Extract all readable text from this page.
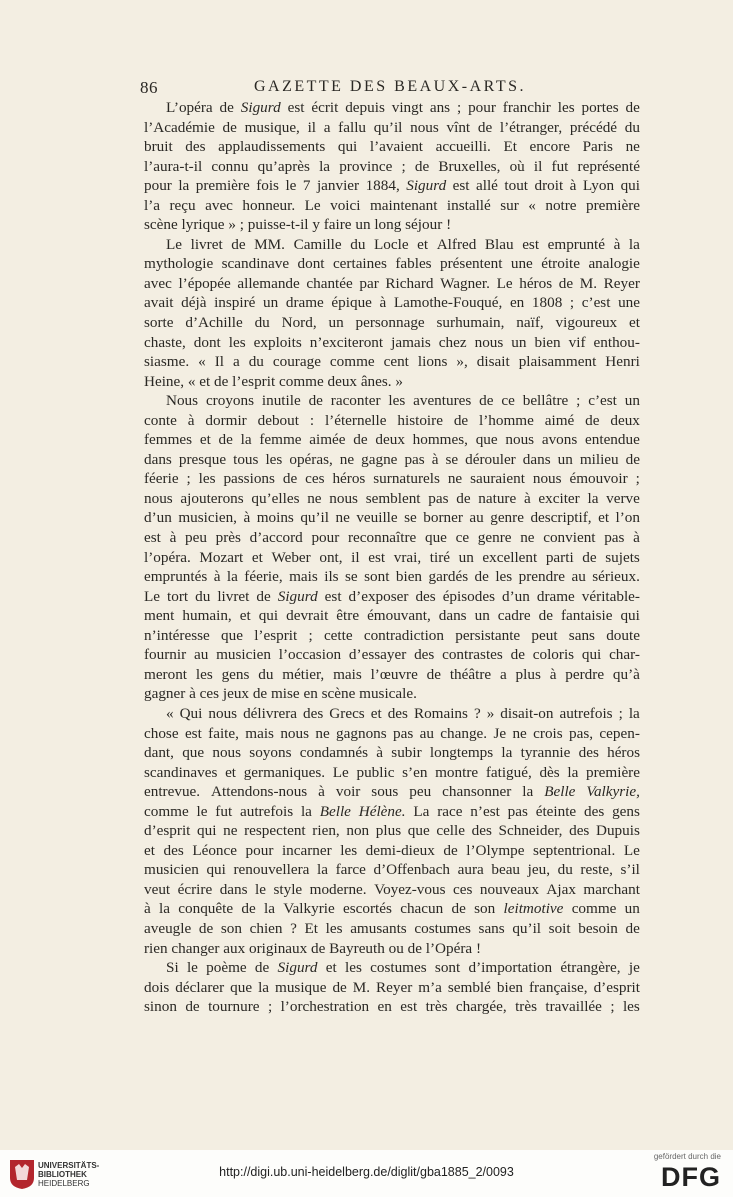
86	GAZETTE DES BEAUX-ARTS.
L’opéra de Sigurd est écrit depuis vingt ans ; pour franchir les portes de
l’Académie de musique, il a fallu qu’il nous vînt de l’étranger, précédé du
bruit des applaudissements qui l’avaient accueilli. Et encore Paris ne
l’aura-t-il connu qu’après la province ; de Bruxelles, où il fut représenté
pour la première fois le 7 janvier 1884, Sigurd est allé tout droit à Lyon qui
l’a reçu avec honneur. Le voici maintenant installé sur « notre première
scène
lyrique
»
;
puisse-t-il
y
faire
un
long
séjour
!

Le livret de MM. Camille du Locle et Alfred Blau est emprunté à la
mythologie scandinave dont certaines fables présentent une étroite analogie
avec l’épopée allemande chantée par Richard Wagner. Le héros de M. Reyer
avait déjà inspiré un drame épique à Lamothe-Fouqué, en 1808 ; c’est une
sorte d’Achille du Nord, un personnage surhumain, naïf, vigoureux et
chaste, dont les exploits n’exciteront jamais chez nous un bien vif enthou-
siasme. « Il a du courage comme cent lions », disait plaisamment Henri
Heine,
«
et
de
l’esprit
comme
deux
ânes.
»

Nous croyons inutile de raconter les aventures de ce bellâtre ; c’est un
conte à dormir debout : l’éternelle histoire de l’homme aimé de deux
femmes et de la femme aimée de deux hommes, que nous avons entendue
dans presque tous les opéras, ne gagne pas à se dérouler dans un milieu de
féerie ; les passions de ces héros surnaturels ne sauraient nous émouvoir ;
nous ajouterons qu’elles ne nous semblent pas de nature à exciter la verve
d’un musicien, à moins qu’il ne veuille se borner au genre descriptif, et l’on
est à peu près d’accord pour reconnaître que ce genre ne convient pas à
l’opéra. Mozart et Weber ont, il est vrai, tiré un excellent parti de sujets
empruntés à la féerie, mais ils se sont bien gardés de les prendre au sérieux.
Le tort du livret de Sigurd est d’exposer des épisodes d’un drame véritable-
ment humain, et qui devrait être émouvant, dans un cadre de fantaisie qui
n’intéresse que l’esprit ; cette contradiction persistante peut sans doute
fournir au musicien l’occasion d’essayer des contrastes de coloris qui char-
meront les gens du métier, mais l’œuvre de théâtre a plus à perdre qu’à
gagner
à
ces
jeux
de
mise
en
scène
musicale.

« Qui nous délivrera des Grecs et des Romains ? » disait-on autrefois ; la
chose est faite, mais nous ne gagnons pas au change. Je ne crois pas, cepen-
dant, que nous soyons condamnés à subir longtemps la tyrannie des héros
scandinaves et germaniques. Le public s’en montre fatigué, dès la première
entrevue. Attendons-nous à voir sous peu chansonner la Belle Valkyrie,
comme le fut autrefois la Belle Hélène. La race n’est pas éteinte des gens
d’esprit qui ne respectent rien, non plus que celle des Schneider, des Dupuis
et des Léonce pour incarner les demi-dieux de l’Olympe septentrional. Le
musicien qui renouvellera la farce d’Offenbach aura beau jeu, du reste, s’il
veut écrire dans le style moderne. Voyez-vous ces nouveaux Ajax marchant
à la conquête de la Valkyrie escortés chacun de son leitmotive comme un
aveugle de son chien ? Et les amusants costumes sans qu’il soit besoin de
rien
changer
aux
originaux
de
Bayreuth
ou
de
l’Opéra
!

Si le poème de Sigurd et les costumes sont d’importation étrangère, je
dois déclarer que la musique de M. Reyer m’a semblé bien française, d’esprit
sinon de tournure ; l’orchestration en est très chargée, très travaillée ; les
UNIVERSITÄTS-
BIBLIOTHEK
HEIDELBERG
http://digi.ub.uni-heidelberg.de/diglit/gba1885_2/0093
gefördert durch die
DFG
